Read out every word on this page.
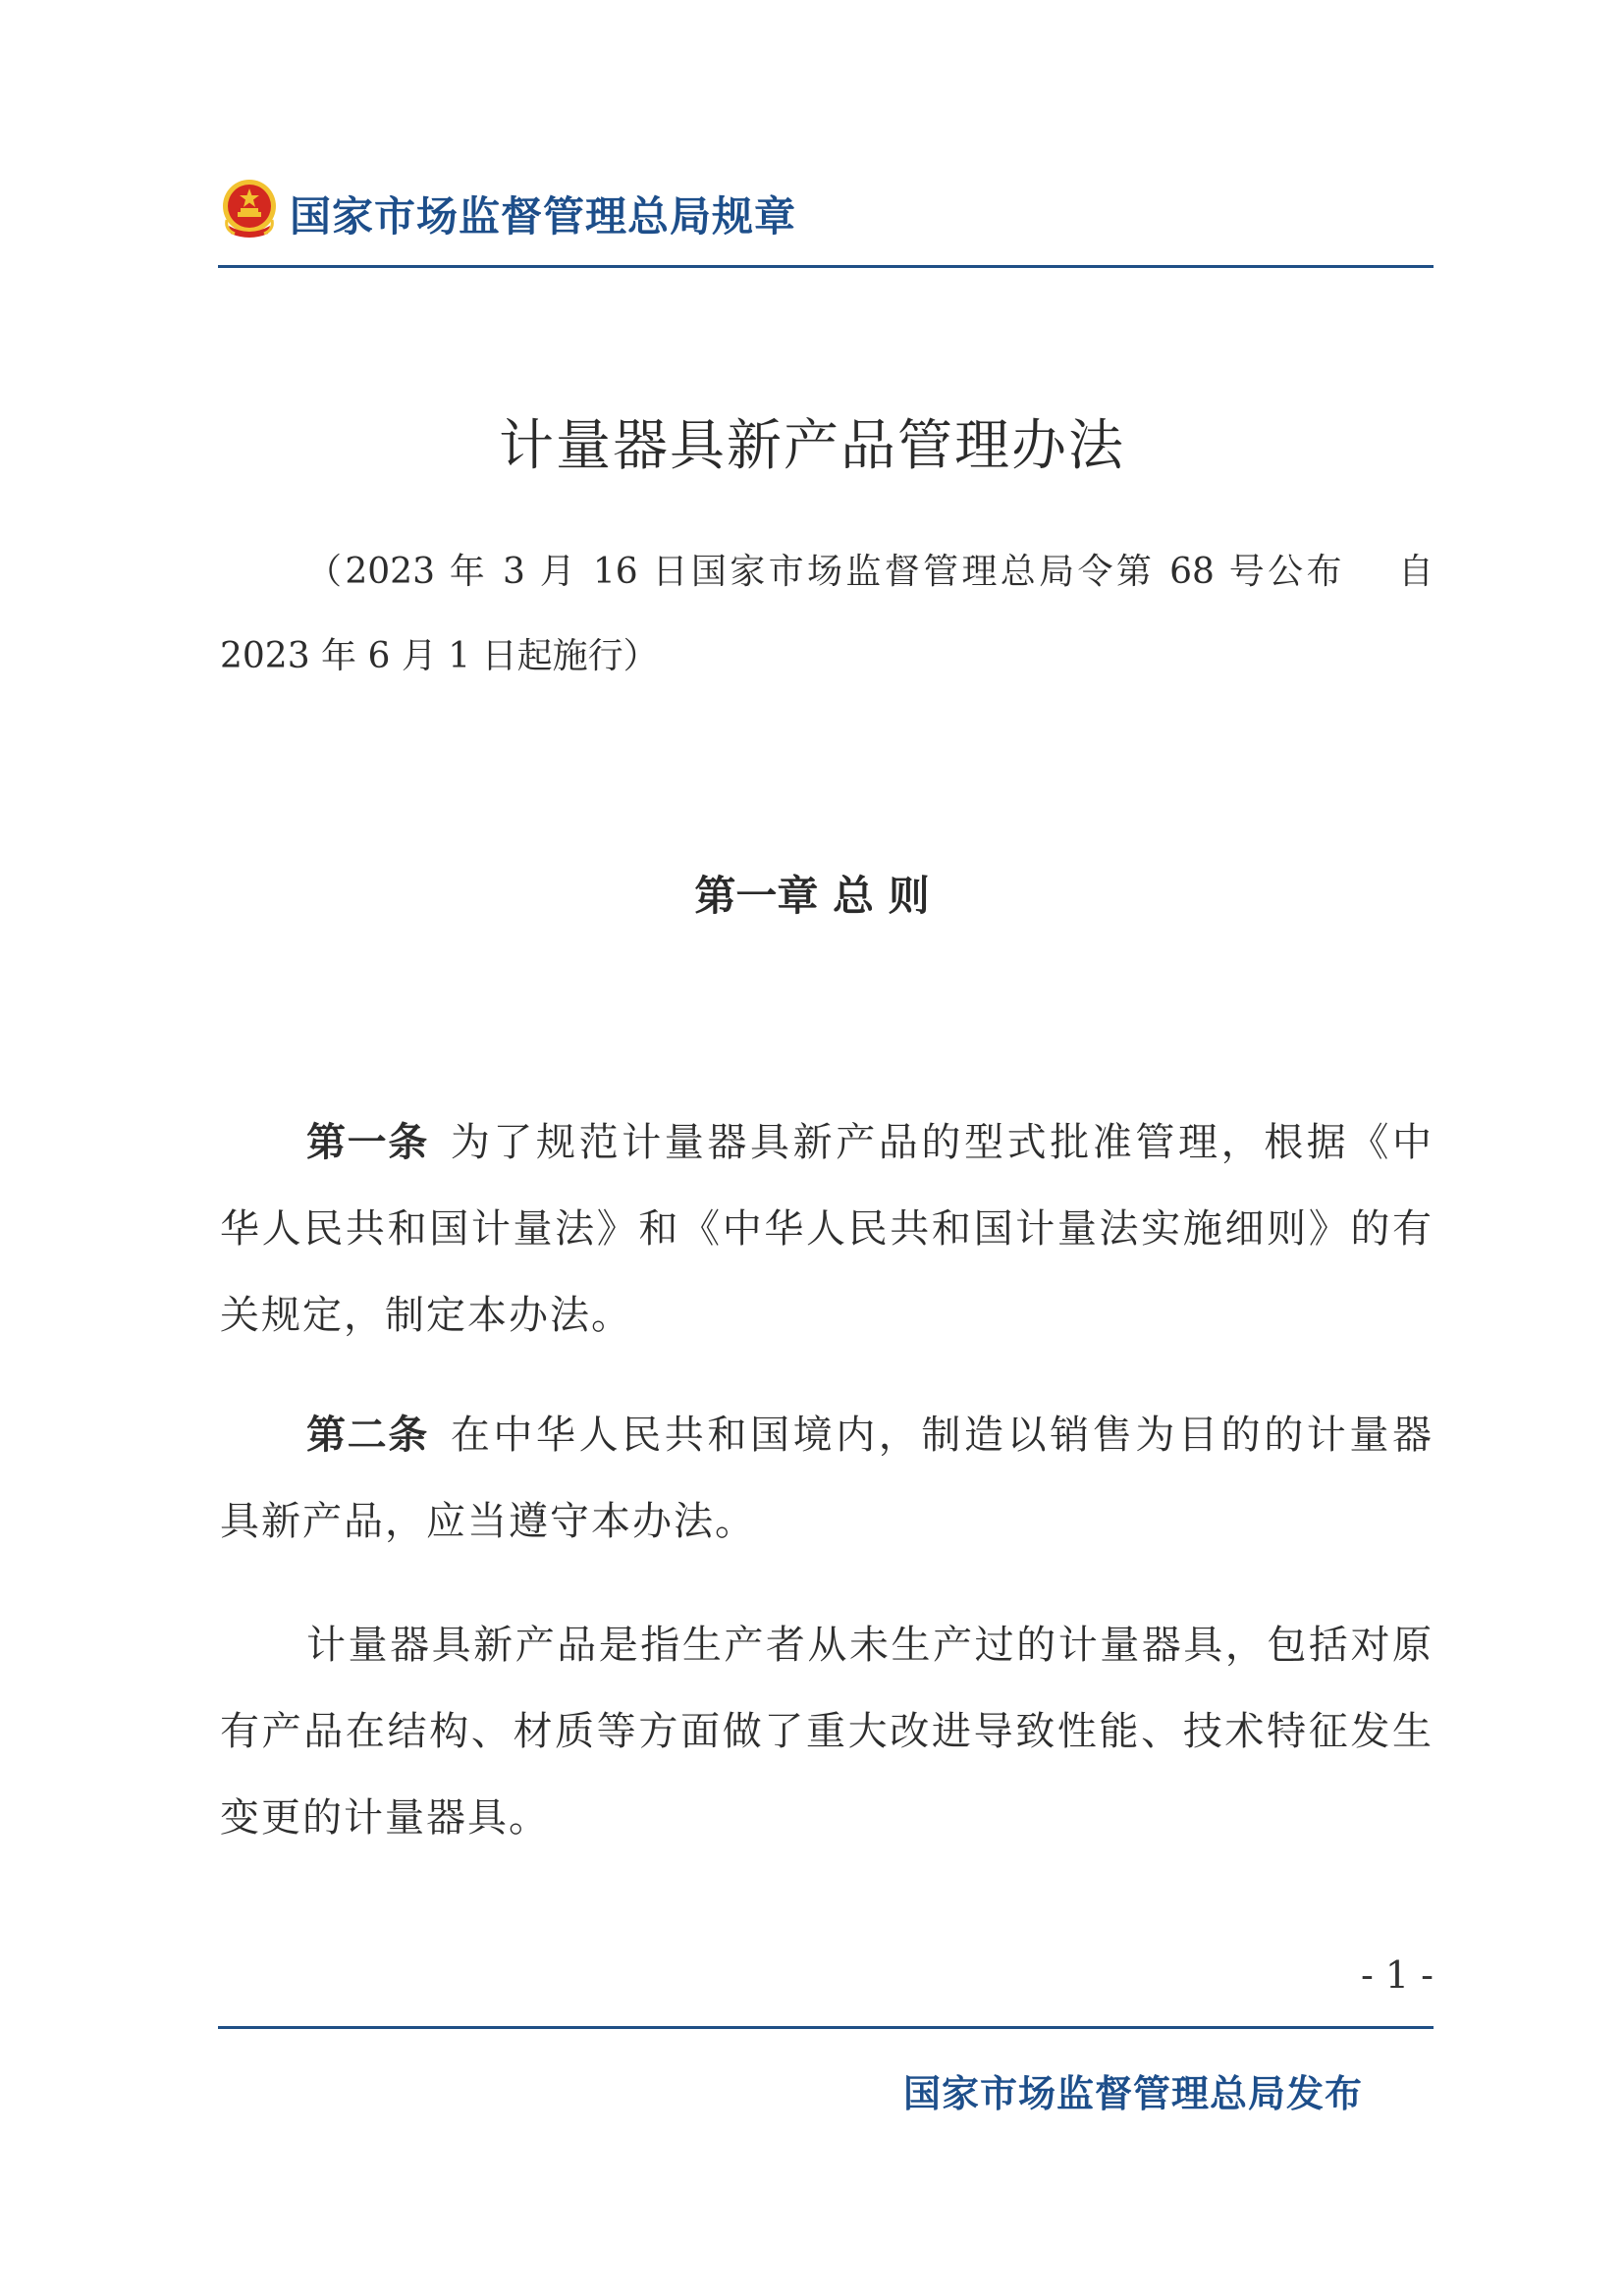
国家市场监督管理总局规章
计量器具新产品管理办法
（2023 年 3 月 16 日国家市场监督管理总局令第 68 号公布　 自 2023 年 6 月 1 日起施行）
第一章 总 则
第一条 为了规范计量器具新产品的型式批准管理，根据《中华人民共和国计量法》和《中华人民共和国计量法实施细则》的有关规定，制定本办法。
第二条 在中华人民共和国境内，制造以销售为目的的计量器具新产品，应当遵守本办法。
计量器具新产品是指生产者从未生产过的计量器具，包括对原有产品在结构、材质等方面做了重大改进导致性能、技术特征发生变更的计量器具。
- 1 -
国家市场监督管理总局发布
